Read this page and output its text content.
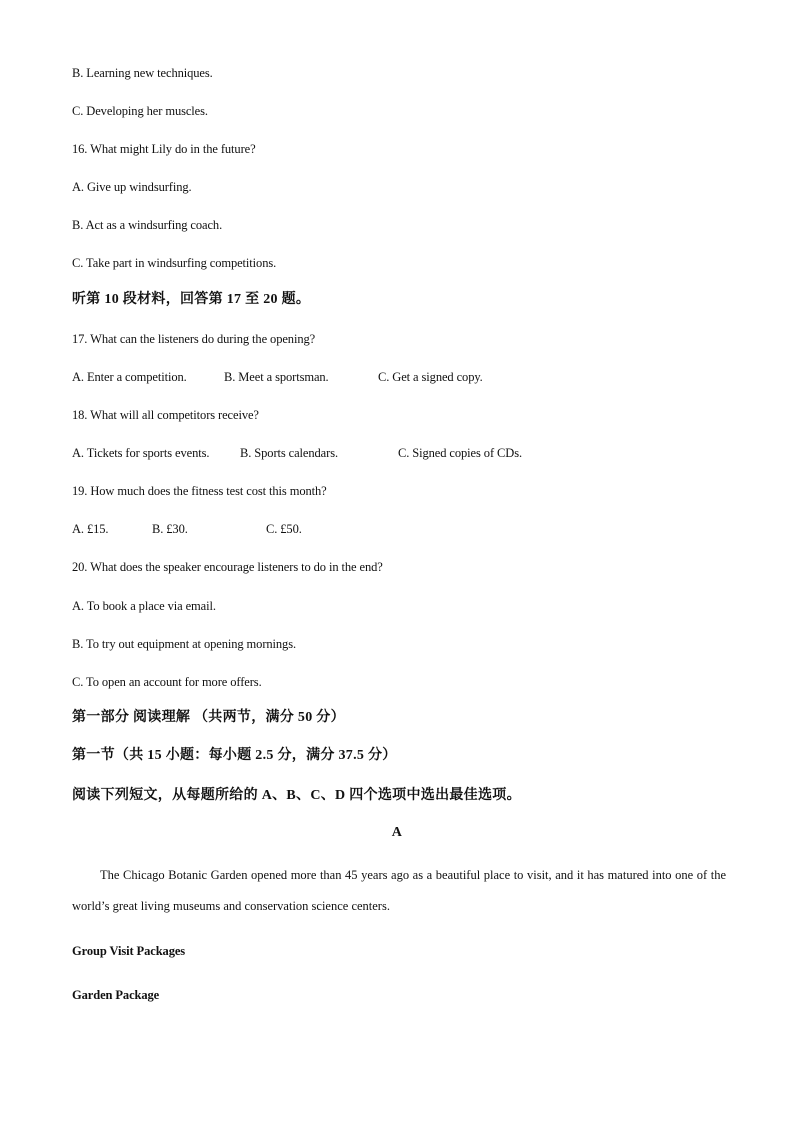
B. Learning new techniques.
C. Developing her muscles.
16. What might Lily do in the future?
A. Give up windsurfing.
B. Act as a windsurfing coach.
C. Take part in windsurfing competitions.
听第 10 段材料，回答第 17 至 20 题。
17. What can the listeners do during the opening?
A. Enter a competition.	B. Meet a sportsman.	C. Get a signed copy.
18. What will all competitors receive?
A. Tickets for sports events. B. Sports calendars.	C. Signed copies of CDs.
19. How much does the fitness test cost this month?
A. £15.	B. £30.	C. £50.
20. What does the speaker encourage listeners to do in the end?
A. To book a place via email.
B. To try out equipment at opening mornings.
C. To open an account for more offers.
第一部分 阅读理解 （共两节，满分 50 分）
第一节（共 15 小题：每小题 2.5 分，满分 37.5 分）
阅读下列短文，从每题所给的 A、B、C、D 四个选项中选出最佳选项。
A
The Chicago Botanic Garden opened more than 45 years ago as a beautiful place to visit, and it has matured into one of the world’s great living museums and conservation science centers.
Group Visit Packages
Garden Package
